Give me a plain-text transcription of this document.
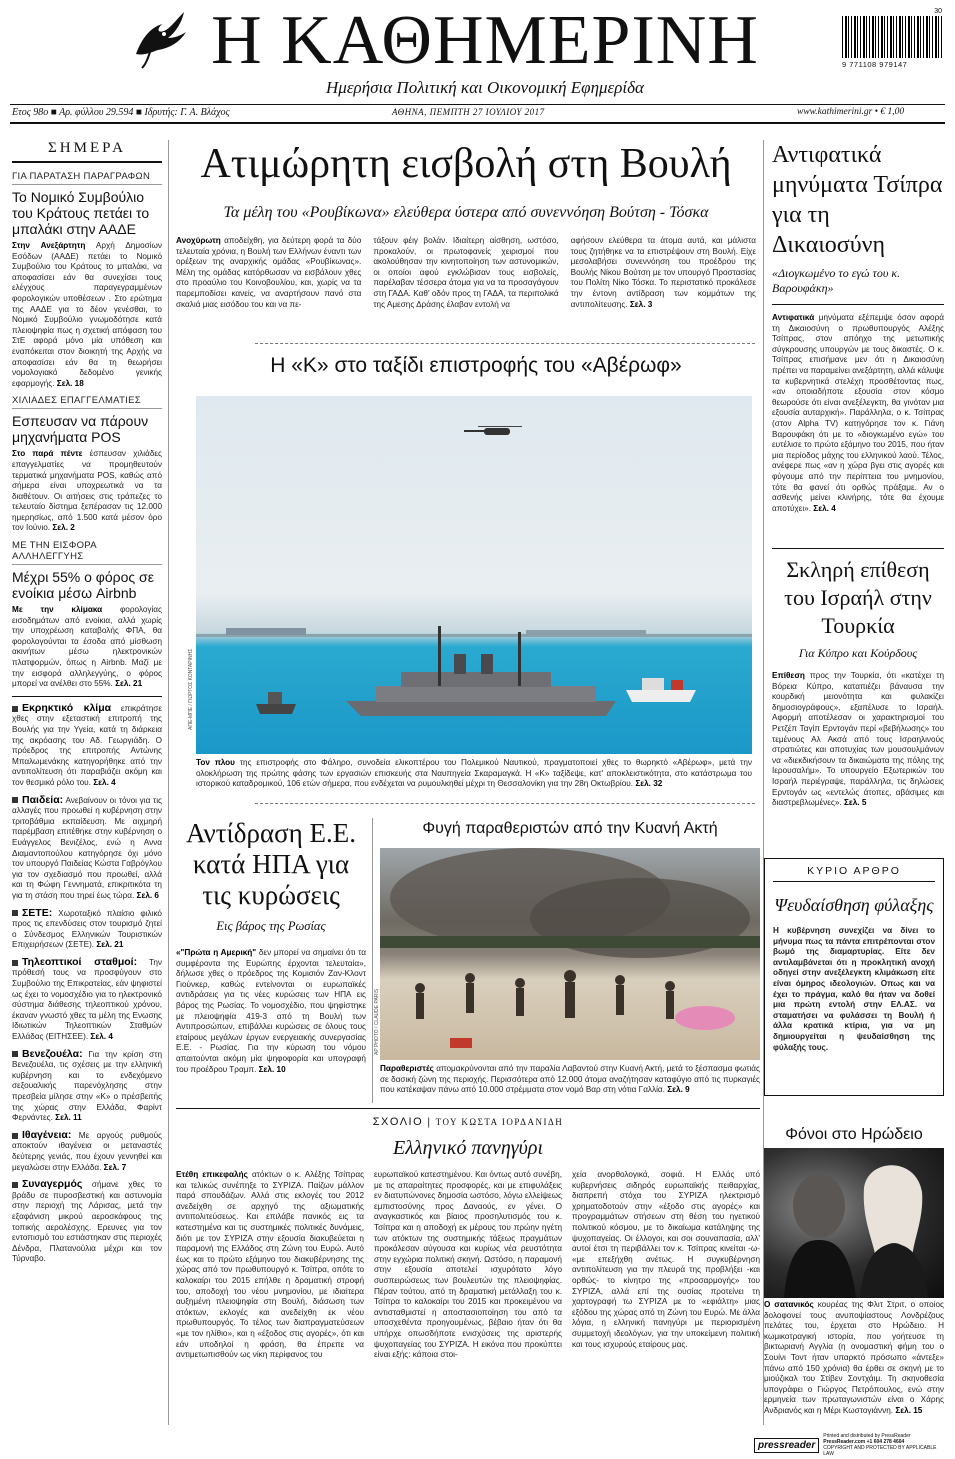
Η ΚΑΘΗΜΕΡΙΝΗ
Ημερήσια Πολιτική και Οικονομική Εφημερίδα
30
9 771108 979147
Ετος 98ο ■ Αρ. φύλλου 29.594 ■ Ιδρυτής: Γ. Α. Βλάχος	ΑΘΗΝΑ, ΠΕΜΠΤΗ 27 ΙΟΥΛΙΟΥ 2017	www.kathimerini.gr • € 1,00
ΣΗΜΕΡΑ
ΓΙΑ ΠΑΡΑΤΑΣΗ ΠΑΡΑΓΡΑΦΩΝ
Το Νομικό Συμβούλιο του Κράτους πετάει το μπαλάκι στην ΑΑΔΕ

Στην Ανεξάρτητη Αρχή Δημοσίων Εσόδων (ΑΑΔΕ) πετάει το Νομικό Συμβούλιο του Κράτους το μπαλάκι, να αποφασίσει εάν θα συνεχίσει τους ελέγχους παραγεγραμμένων φορολογικών υποθέσεων . Στο ερώτημα της ΑΑΔΕ για το δέον γενέσθαι, το Νομικό Συμβούλιο γνωμοδότησε κατά πλειοψηφία πως η σχετική απόφαση του ΣτΕ αφορά μόνο μία υπόθεση και εναπόκειται στον διοικητή της Αρχής να αποφασίσει εάν θα τη θεωρήσει νομολογιακό δεδομένο γενικής εφαρμογής. Σελ. 18

ΧΙΛΙΑΔΕΣ ΕΠΑΓΓΕΛΜΑΤΙΕΣ
Εσπευσαν να πάρουν μηχανήματα POS

Στο παρά πέντε έσπευσαν χιλιάδες επαγγελματίες να προμηθευτούν τερματικά μηχανήματα POS, καθώς από σήμερα είναι υποχρεωτικά να τα διαθέτουν. Οι αιτήσεις στις τράπεζες το τελευταίο δίστημα ξεπέρασαν τις 12.000 ημερησίως, από 1.500 κατά μέσον όρο τον Ιούνιο. Σελ. 2

ΜΕ ΤΗΝ ΕΙΣΦΟΡΑ ΑΛΛΗΛΕΓΓΥΗΣ
Μέχρι 55% ο φόρος σε ενοίκια μέσω Airbnb

Με την κλίμακα φορολογίας εισοδημάτων από ενοίκια, αλλά χωρίς την υποχρέωση καταβολής ΦΠΑ, θα φορολογούνται τα έσοδα από μίσθωση ακινήτων μέσω ηλεκτρονικών πλατφορμών, όπως η Airbnb. Μαζί με την εισφορά αλληλεγγύης, ο φόρος μπορεί να ανέλθει στο 55%. Σελ. 21

Εκρηκτικό κλίμα επικράτησε χθες στην εξεταστική επιτροπή της Βουλής για την Υγεία, κατά τη διάρκεια της ακρόασης του Αδ. Γεωργιάδη. Ο πρόεδρος της επιτροπής Αντώνης Μπαλωμενάκης κατηγορήθηκε από την αντιπολίτευση ότι παραβιάζει ακόμη και τον θεσμικό ρόλο του. Σελ. 4

Παιδεία: Ανεβαίνουν οι τόνοι για τις αλλαγές που προωθεί η κυβέρνηση στην τριτοβάθμια εκπαίδευση. Με αιχμηρή παρέμβαση επιτέθηκε στην κυβέρνηση ο Ευάγγελος Βενιζέλος, ενώ η Αννα Διαμαντοπούλου κατηγόρησε όχι μόνο τον υπουργό Παιδείας Κώστα Γαβρόγλου για τον σχεδιασμό που προωθεί, αλλά και τη Φώφη Γεννηματά, επικριτικότα τη για τη στάση που τηρεί έως τώρα. Σελ. 6

ΣΕΤΕ: Χωροταξικό πλαίσιο φιλικό προς τις επενδύσεις στον τουρισμό ζητεί ο Σύνδεσμος Ελληνικών Τουριστικών Επιχειρήσεων (ΣΕΤΕ). Σελ. 21

Τηλεοπτικοί σταθμοί: Την πρόθεσή τους να προσφύγουν στο Συμβούλιο της Επικρατείας, εάν ψηφιστεί ως έχει το νομοσχέδιο για το ηλεκτρονικό σύστημα διάθεσης τηλεοπτικού χρόνου, έκαναν γνωστό χθες τα μέλη της Ενωσης Ιδιωτικών Τηλεοπτικών Σταθμών Ελλάδας (ΕΙΤΗΣΕΕ). Σελ. 4

Βενεζουέλα: Για την κρίση στη Βενεζουέλα, τις σχέσεις με την ελληνική κυβέρνηση και το ενδεχόμενο σεξουαλικής παρενόχλησης στην πρεσβεία μίλησε στην «Κ» ο πρέσβειτής της χώρας στην Ελλάδα, Φαρίντ Φερνάντες. Σελ. 11

Ιθαγένεια: Με αργούς ρυθμούς αποκτούν ιθαγένεια οι μεταναστές δεύτερης γενιάς, που έχουν γεννηθεί και μεγαλώσει στην Ελλάδα. Σελ. 7

Συναγερμός σήμανε χθες το βράδυ σε πυροσβεστική και αστυνομία στην περιοχή της Λάρισας, μετά την εξαφάνιση μικρού αεροσκάφους της τοπικής αερολέσχης. Ερευνες για τον εντοπισμό του εστιάστηκαν στις περιοχές Δένδρα, Πλατανούλια μέχρι και τον Τύρναβο.

Ατιμώρητη εισβολή στη Βουλή
Τα μέλη του «Ρουβίκωνα» ελεύθερα ύστερα από συνεννόηση Βούτση - Τόσκα

Ανοχύρωτη αποδείχθη, για δεύτερη φορά τα δύο τελευταία χρόνια, η Βουλή των Ελλήνων έναντι των ορέξεων της αναρχικής ομάδας «Ρουβίκωνας». Μέλη της ομάδας κατόρθωσαν να εισβάλουν χθες στο προαύλιο του Κοινοβουλίου, και, χωρίς να τα παρεμποδίσει κανείς, να αναρτήσουν πανό στα σκαλιά μιας εισόδου του και να πε-

τάξουν φέιγ βολάν. Ιδιαίτερη αίσθηση, ωστόσο, προκαλούν, οι πρωτοφανείς χειρισμοί που ακολούθησαν την κινητοποίηση των αστυνομικών, οι οποίοι αφού εγκλώβισαν τους εισβολείς, παρέλαβαν τέσσερα άτομα για να τα προσαγάγουν στη ΓΑΔΑ. Καθ' οδόν προς τη ΓΑΔΑ, τα περιπολικά της Αμεσης Δράσης έλαβαν εντολή να

αφήσουν ελεύθερα τα άτομα αυτά, και μάλιστα τους ζητήθηκε να τα επιστρέψουν στη Βουλή. Είχε μεσολαβήσει συνεννόηση του προέδρου της Βουλής Νίκου Βούτση με τον υπουργό Προστασίας του Πολίτη Νίκο Τόσκα. Το περιστατικό προκάλεσε την έντονη αντίδραση των κομμάτων της αντιπολίτευσης. Σελ. 3

Η «Κ» στο ταξίδι επιστροφής του «Αβέρωφ»
ΑΠΕ-ΜΠΕ / ΓΙΩΡΓΟΣ ΚΟΝΤΑΡΙΝΗΣ

Τον πλου της επιστροφής στο Φάληρο, συνοδεία ελικοπτέρου του Πολεμικού Ναυτικού, πραγματοποιεί χθες το θωρηκτό «Αβέρωφ», μετά την ολοκλήρωση της πρώτης φάσης των εργασιών επισκευής στα Ναυπηγεία Σκαραμαγκά. Η «Κ» ταξίδεψε, κατ' αποκλειστικότητα, στο κατάστρωμα του ιστορικού καταδρομικού, 106 ετών σήμερα, που ενδέχεται να ρυμουλκηθεί μέχρι τη Θεσσαλονίκη για την 28η Οκτωβρίου. Σελ. 32

Αντίδραση Ε.Ε. κατά ΗΠΑ για τις κυρώσεις
Εις βάρος της Ρωσίας

«"Πρώτα η Αμερική" δεν μπορεί να σημαίνει ότι τα συμφέροντα της Ευρώπης έρχονται τελευταία», δήλωσε χθες ο πρόεδρος της Κομισιόν Ζαν-Κλοντ Γιούνκερ, καθώς εντείνονται οι ευρωπαϊκές αντιδράσεις για τις νέες κυρώσεις των ΗΠΑ εις βάρος της Ρωσίας. Το νομοσχέδιο, που ψηφίστηκε με πλειοψηφία 419-3 από τη Βουλή των Αντιπροσώπων, επιβάλλει κυρώσεις σε όλους τους εταίρους μεγάλων έργων ενεργειακής συνεργασίας Ε.Ε. - Ρωσίας. Για την κύρωση του νόμου απαιτούνται ακόμη μία ψηφοφορία και υπογραφή του προέδρου Τραμπ. Σελ. 10

Φυγή παραθεριστών από την Κυανή Ακτή
AP PHOTO / CLAUDE PARIS

Παραθεριστές απομακρύνονται από την παραλία Λαβαντού στην Κυανή Ακτή, μετά το ξέσπασμα φωτιάς σε δασική ζώνη της περιοχής. Περισσότερα από 12.000 άτομα αναζήτησαν καταφύγιο από τις πυρκαγιές που κατέκαψαν πάνω από 10.000 στρέμματα στον νομό Βαρ στη νότια Γαλλία. Σελ. 9

ΣΧΟΛΙΟ | ΤΟΥ ΚΩΣΤΑ ΙΟΡΔΑΝΙΔΗ
Ελληνικό πανηγύρι

Ετέθη επικεφαλής ατόκτων ο κ. Αλέξης Τσίπρας και τελικώς συνέπηξε το ΣΥΡΙΖΑ. Παίζων μάλλον παρά σπουδάζων. Αλλά στις εκλογές του 2012 ανεδείχθη σε αρχηγό της αξιωματικής αντιπολιτεύσεως. Και επιλάβε πανικός εις τα κατεστημένα και τις συστημικές πολιτικές δυνάμεις, διότι με τον ΣΥΡΙΖΑ στην εξουσία διακυβεύεται η παραμονή της Ελλάδος στη Ζώνη του Ευρώ. Αυτό έως και το πρώτο εξάμηνο του διακυβέρνησης της χώρας από τον πρωθυπουργό κ. Τσίπρα, οπότε το καλοκαίρι του 2015 επήλθε η δραματική στροφή του, αποδοχή του νέου μνημονίου, με ιδιαίτερα αυξημένη πλειοψηφία στη Βουλή, διάσωση των ατόκτων, εκλογές και ανεδείχθη εκ νέου πρωθυπουργός. Το τέλος των διαπραγματεύσεων «με τον ηλίθιο», και η «έξοδος στις αγορές», ότι και εάν υποδηλοί η φράση, θα έπρεπε να αντιμετωπισθούν ως νίκη περίφανος του

ευρωπαϊκού κατεστημένου. Και όντως αυτό συνέβη, με τις απαραίτητες προσφορές, και με επιφυλάξεις εν διατυπώνονες δημοσία ωστόσο, λόγω ελλείψεως εμπιστοσύνης προς Δαναούς, εν γένει. Ο αναγκαστικός και βίαιος προσηλυτισμός του κ. Τσίπρα και η αποδοχή εκ μέρους του πρώην ηγέτη των ατόκτων της συστημικής τάξεως πραγμάτων προκάλεσαν αύγουσα και κυρίως νέα ρευστότητα στην εγχώρια πολιτική σκηνή. Ωστόσο, η παραμονή στην εξουσία αποτελεί ισχυρότατο λόγο συσπειρώσεως των βουλευτών της πλειοψηφίας. Πέραν τούτου, από τη δραματική μετάλλαξη του κ. Τσίπρα το καλοκαίρι του 2015 και προκειμένου να αντισταθμιστεί η αποστασιοποίηση του από τα υποσχεθέντα προηγουμένως, βέβαιο ήταν ότι θα υπήρχε οπωσδήποτε ενισχύσεις της αριστερής ψυχοπαγείας του ΣΥΡΙΖΑ. Η εικόνα που προκύπτει είναι εξής: κάποια στοι-

χεία ανορθολογικά, σοφιά. Η Ελλάς υπό κυβερνήσεις σιδηρός ευρωπαϊκής πειθαρχίας, διαπρεπή στόχα του ΣΥΡΙΖΑ ηλεκτρισμό χρηματοδοτούν στην «έξοδο στις αγορές» και προγραμμάτων στήσεων στη θέση του ηγετικού πολιτικού κόσμου, με το δικαίωμα κατάληψης της ψυχοπαγείας. Οι έλλογοι, και σοι σουναπασία, αλλ' αυτοί έτσι τη περιβάλλει τον κ. Τσίπρας κινείται -ω- «με επεξήχθη ανέτως. Η συγκυβέρνηση αντιπολίτευση για την πλευρά της προβλήξει -και ορθώς- το κίνητρο της «προσαρμογής» του ΣΥΡΙΖΑ, αλλά επί της ουσίας προτείνει τη χαρτογραφή τω ΣΥΡΙΖΑ με το «εφιάλτη» μιας εξόδου της χώρας από τη Ζώνη του Ευρώ. Με άλλα λόγια, η ελληνική πανηγύρι με περιορισμένη συμμετοχή ιδεολόγων, για την υποκείμενη πολιτική και τους ισχυρούς εταίρους μας.

Αντιφατικά μηνύματα Τσίπρα για τη Δικαιοσύνη
«Διογκωμένο το εγώ του κ. Βαρουφάκη»

Αντιφατικά μηνύματα εξέπεμψε όσον αφορά τη Δικαιοσύνη ο πρωθυπουργός Αλέξης Τσίπρας, στον απόηχο της μετωπικής σύγκρουσης υπουργών με τους δικαστές. Ο κ. Τσίπρας επισήμανε μεν ότι η Δικαιοσύνη πρέπει να παραμείνει ανεξάρτητη, αλλά κάλυψε τα κυβερνητικά στελέχη προσθέτοντας πως, «αν οποιαδήποτε εξουσία στον κόσμο θεωρούσε ότι είναι ανεξέλεγκτη, θα γινόταν μια εξουσία αυταρχική». Παράλληλα, ο κ. Τσίπρας (στον Alpha TV) κατηγόρησε τον κ. Γιάνη Βαρουφάκη ότι με το «διογκωμένο εγώ» του ευτέλισε το πρώτο εξάμηνο του 2015, που ήταν μια περίοδος μάχης του ελληνικού λαού. Τέλος, ανέφερε πως «αν η χώρα βγει στις αγορές και φύγουμε από την περίπτεια του μνημονίου, τότε θα φανεί ότι ορθώς πράξαμε. Αν ο ασθενής μείνει κλινήρης, τότε θα έχουμε αποτύχει». Σελ. 4

Σκληρή επίθεση του Ισραήλ στην Τουρκία
Για Κύπρο και Κούρδους

Επίθεση προς την Τουρκία, ότι «κατέχει τη Βόρεια Κύπρο, καταπιέζει βάναυσα την κουρδική μειονότητα και φυλακίζει δημοσιογράφους», εξαπέλυσε το Ισραήλ. Αφορμή αποτέλεσαν οι χαρακτηρισμοί του Ρετζέπ Ταγίπ Ερντογάν περί «βεβήλωσης» του τεμένους Αλ Ακσά από τους Ισραηλινούς στρατιώτες και αποτυχίας των μουσουλμάνων να «διεκδικήσουν τα δικαιώματα της πόλης της Ιερουσαλήμ». Το υπουργείο Εξωτερικών του Ισραήλ περιέγραψε, παράλληλα, τις δηλώσεις Ερντογάν ως «εντελώς άτοπες, αβάσιμες και διαστρεβλωμένες». Σελ. 5

ΚΥΡΙΟ ΑΡΘΡΟ
Ψευδαίσθηση φύλαξης

Η κυβέρνηση συνεχίζει να δίνει το μήνυμα πως τα πάντα επιτρέπονται στον βωμό της διαμαρτυρίας. Είτε δεν αντιλαμβάνεται ότι η προκλητική ανοχή οδηγεί στην ανεξέλεγκτη κλιμάκωση είτε είναι όμηρος ιδεολογιών. Οπως και να έχει το πράγμα, καλό θα ήταν να δοθεί μια πρώτη εντολή στην ΕΛ.ΑΣ. να σταματήσει να φυλάσσει τη Βουλή ή άλλα κρατικά κτίρια, για να μη δημιουργείται η ψευδαίσθηση της φύλαξής τους.

Φόνοι στο Ηρώδειο

Ο σατανικός κουρέας της Φλιτ Στριτ, ο οποίος δολοφονεί τους ανυποψίαστους Λονδρέζους πελάτες του, έρχεται στο Ηρώδειο. Η κωμικοτραγική ιστορία, που γοήτευσε τη βικτωριανή Αγγλία (η ονομαστική φήμη του ο Σουίνι Τοντ ήταν υπαρκτό πρόσωπο «άντεξε» πάνω από 150 χρόνια) θα έρθει σε σκηνή με το μιούζικαλ του Στίβεν Σοντχάιμ. Τη σκηνοθεσία υπογράφει ο Γιώργος Πετρόπουλος, ενώ στην ερμηνεία των πρωταγωνιστών είναι ο Χάρης Ανδριανός και η Μέρι Κωστογιάννη. Σελ. 15

pressreader
Printed and distributed by PressReader
PressReader.com +1 604 278 4604
COPYRIGHT AND PROTECTED BY APPLICABLE LAW
